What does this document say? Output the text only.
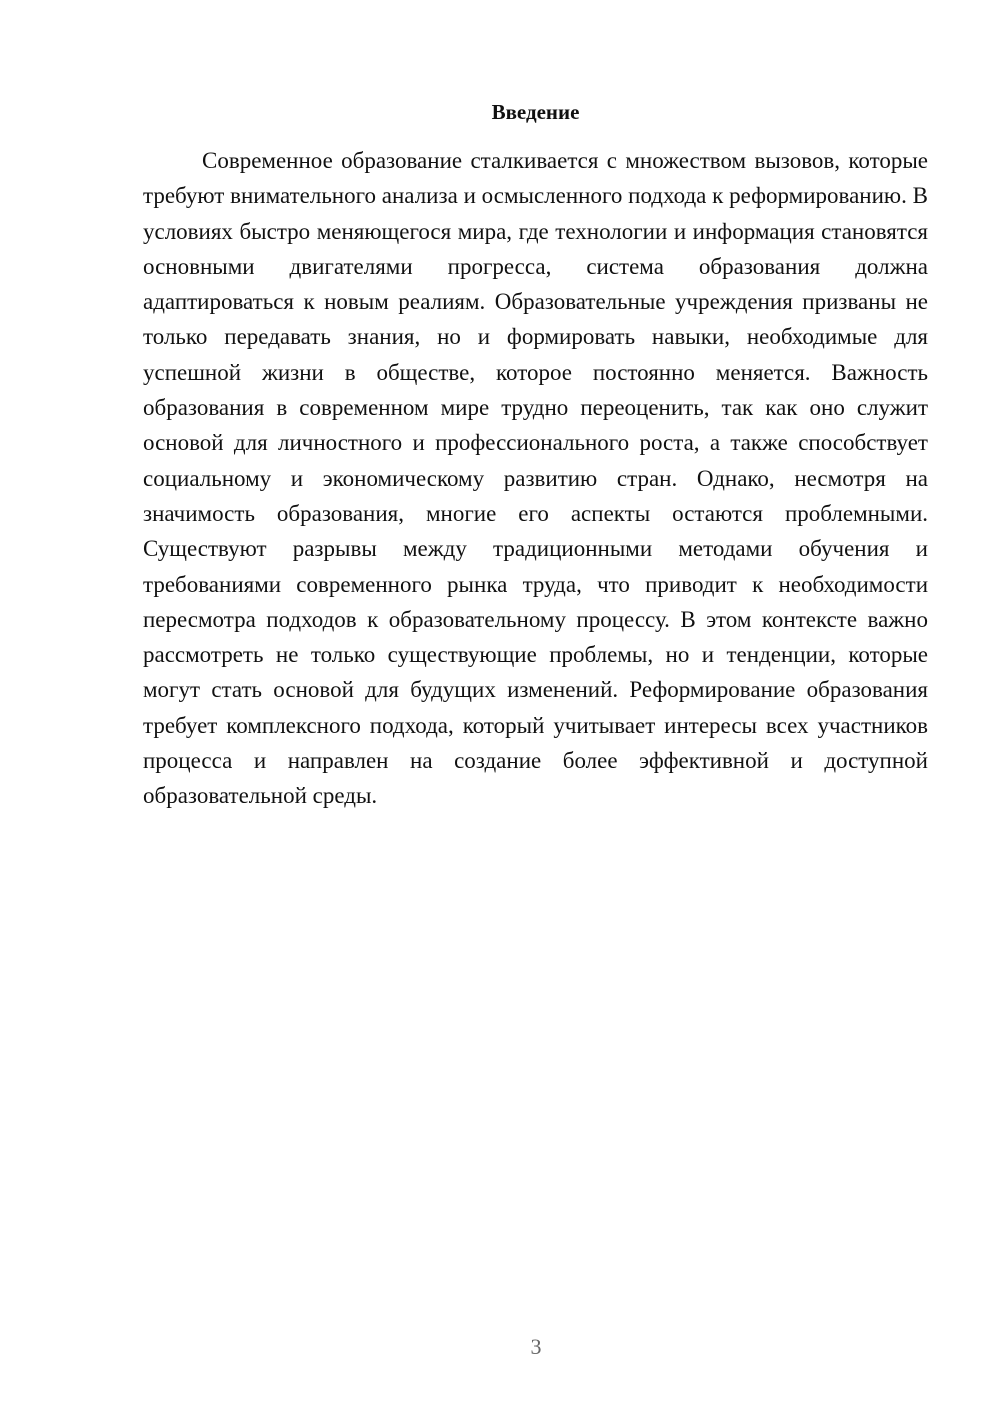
Введение

Современное образование сталкивается с множеством вызовов, которые требуют внимательного анализа и осмысленного подхода к реформированию. В условиях быстро меняющегося мира, где технологии и информация становятся основными двигателями прогресса, система образования должна адаптироваться к новым реалиям. Образовательные учреждения призваны не только передавать знания, но и формировать навыки, необходимые для успешной жизни в обществе, которое постоянно меняется. Важность образования в современном мире трудно переоценить, так как оно служит основой для личностного и профессионального роста, а также способствует социальному и экономическому развитию стран. Однако, несмотря на значимость образования, многие его аспекты остаются проблемными. Существуют разрывы между традиционными методами обучения и требованиями современного рынка труда, что приводит к необходимости пересмотра подходов к образовательному процессу. В этом контексте важно рассмотреть не только существующие проблемы, но и тенденции, которые могут стать основой для будущих изменений. Реформирование образования требует комплексного подхода, который учитывает интересы всех участников процесса и направлен на создание более эффективной и доступной образовательной среды.

3
